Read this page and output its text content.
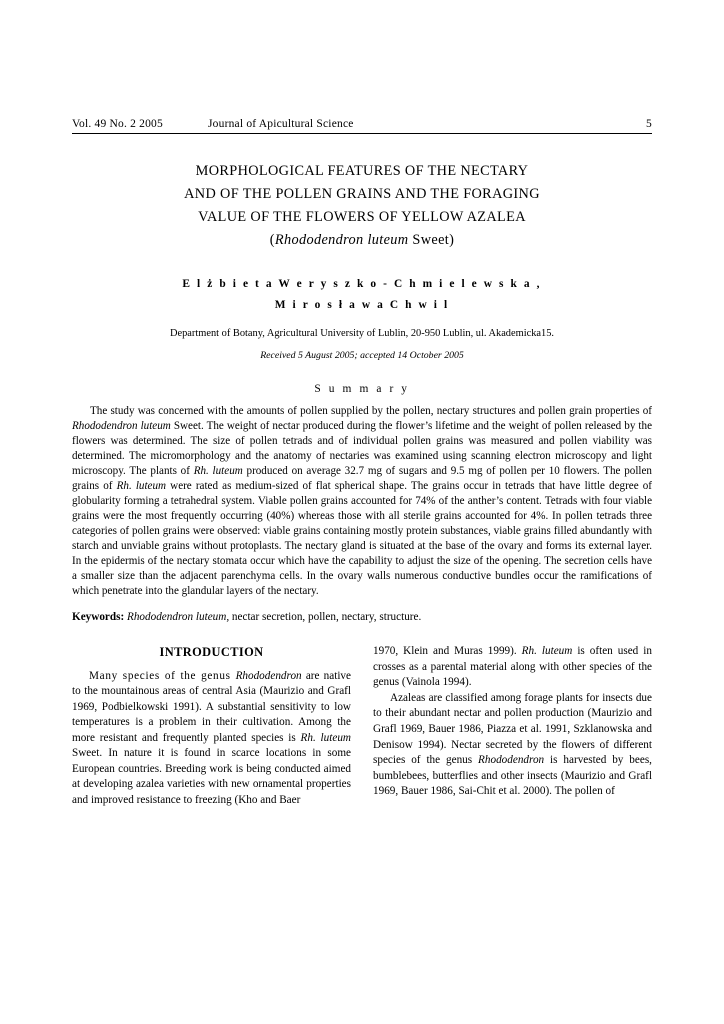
Vol. 49 No. 2 2005	Journal of Apicultural Science	5
MORPHOLOGICAL FEATURES OF THE NECTARY
AND OF THE POLLEN GRAINS AND THE FORAGING
VALUE OF THE FLOWERS OF YELLOW AZALEA
(Rhododendron luteum Sweet)
E l ż b i e t a W e r y s z k o - C h m i e l e w s k a ,
M i r o s ł a w a C h w i l
Department of Botany, Agricultural University of Lublin, 20-950 Lublin, ul. Akademicka15.
Received 5 August 2005; accepted 14 October 2005
S u m m a r y

The study was concerned with the amounts of pollen supplied by the pollen, nectary structures and pollen grain properties of Rhododendron luteum Sweet. The weight of nectar produced during the flower’s lifetime and the weight of pollen released by the flowers was determined. The size of pollen tetrads and of individual pollen grains was measured and pollen viability was determined. The micromorphology and the anatomy of nectaries was examined using scanning electron microscopy and light microscopy. The plants of Rh. luteum produced on average 32.7 mg of sugars and 9.5 mg of pollen per 10 flowers. The pollen grains of Rh. luteum were rated as medium-sized of flat spherical shape. The grains occur in tetrads that have little degree of globularity forming a tetrahedral system. Viable pollen grains accounted for 74% of the anther’s content. Tetrads with four viable grains were the most frequently occurring (40%) whereas those with all sterile grains accounted for 4%. In pollen tetrads three categories of pollen grains were observed: viable grains containing mostly protein substances, viable grains filled abundantly with starch and unviable grains without protoplasts. The nectary gland is situated at the base of the ovary and forms its external layer. In the epidermis of the nectary stomata occur which have the capability to adjust the size of the opening. The secretion cells have a smaller size than the adjacent parenchyma cells. In the ovary walls numerous conductive bundles occur the ramifications of which penetrate into the glandular layers of the nectary.

Keywords: Rhododendron luteum, nectar secretion, pollen, nectary, structure.

INTRODUCTION

Many species of the genus Rhododendron are native to the mountainous areas of central Asia (Maurizio and Grafl 1969, Podbielkowski 1991). A substantial sensitivity to low temperatures is a problem in their cultivation. Among the more resistant and frequently planted species is Rh. luteum Sweet. In nature it is found in scarce locations in some European countries. Breeding work is being conducted aimed at developing azalea varieties with new ornamental properties and improved resistance to freezing (Kho and Baer

1970, Klein and Muras 1999). Rh. luteum is often used in crosses as a parental material along with other species of the genus (Vainola 1994).

Azaleas are classified among forage plants for insects due to their abundant nectar and pollen production (Maurizio and Grafl 1969, Bauer 1986, Piazza et al. 1991, Szklanowska and Denisow 1994). Nectar secreted by the flowers of different species of the genus Rhododendron is harvested by bees, bumblebees, butterflies and other insects (Maurizio and Grafl 1969, Bauer 1986, Sai-Chit et al. 2000). The pollen of
